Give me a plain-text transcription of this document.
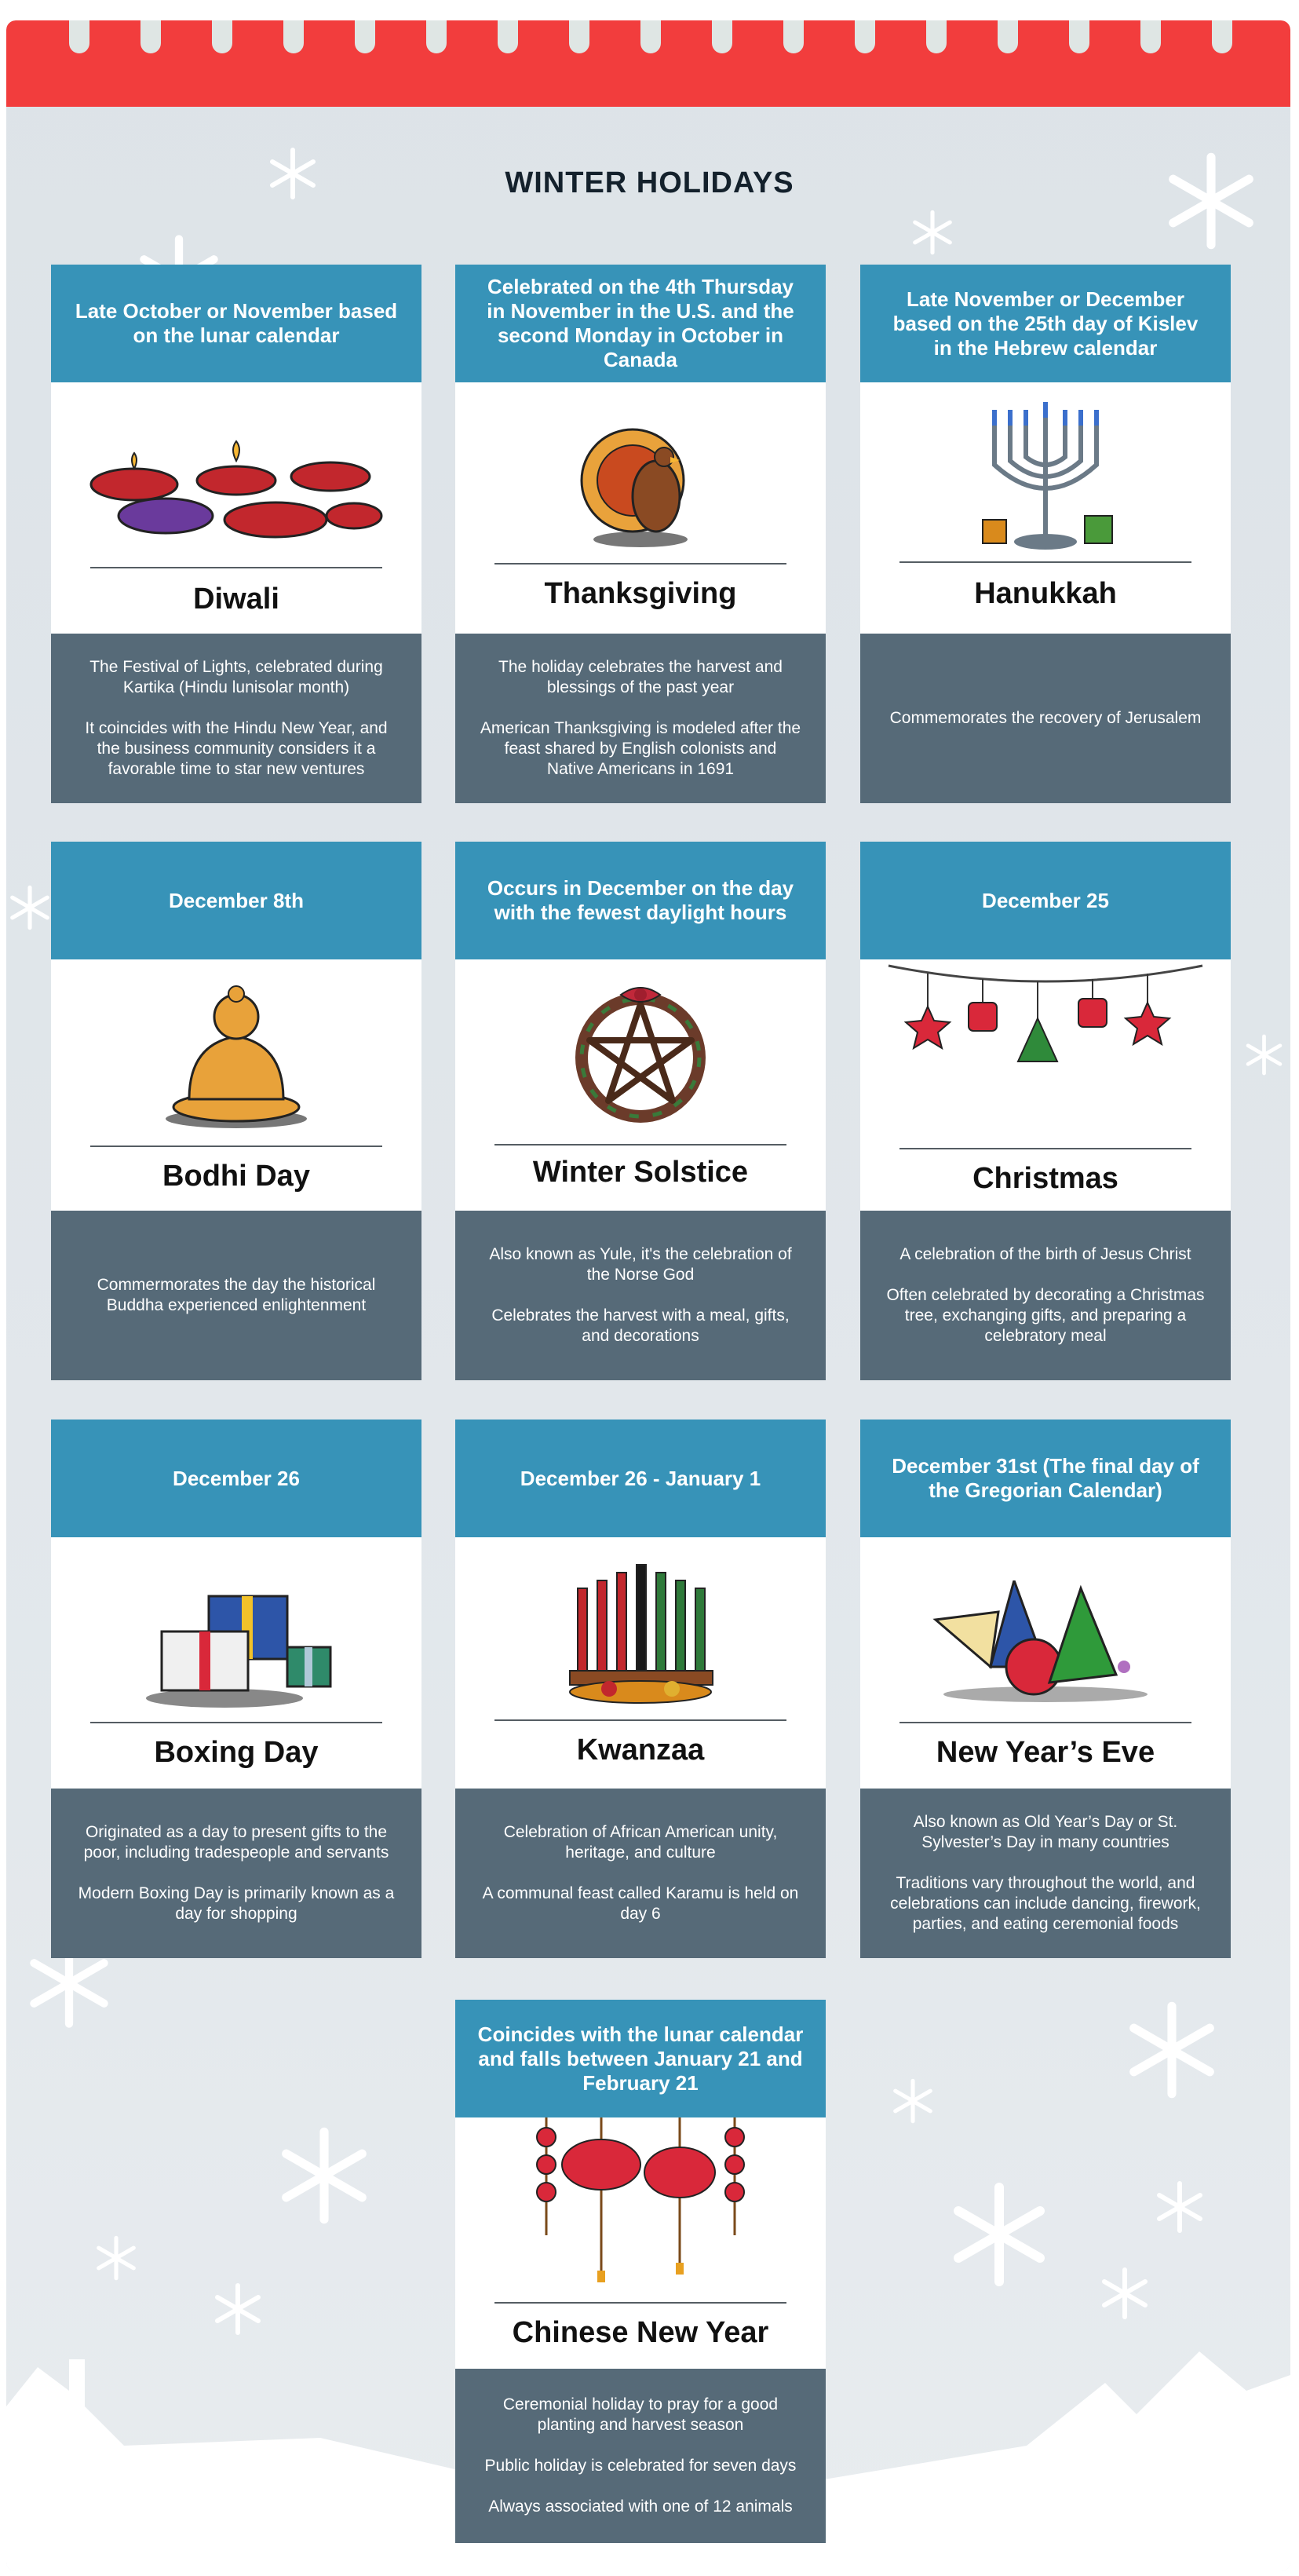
WINTER HOLIDAYS
Late October or November based on the lunar calendar
Diwali

The Festival of Lights, celebrated during Kartika (Hindu lunisolar month)

It coincides with the Hindu New Year, and the business community considers it a favorable time to star new ventures

Celebrated on the 4th Thursday in November in the U.S. and the second Monday in October in Canada
Thanksgiving

The holiday celebrates the harvest and blessings of the past year

American Thanksgiving is modeled after the feast shared by English colonists and Native Americans in 1691

Late November or December based on the 25th day of Kislev in the Hebrew calendar
Hanukkah

Commemorates the recovery of Jerusalem

December 8th
Bodhi Day

Commermorates the day the historical Buddha experienced enlightenment

Occurs in December on the day with the fewest daylight hours
Winter Solstice

Also known as Yule, it's the celebration of the Norse God

Celebrates the harvest with a meal, gifts, and decorations

December 25
Christmas

A celebration of the birth of Jesus Christ

Often celebrated by decorating a Christmas tree, exchanging gifts, and preparing a celebratory meal

December 26
Boxing Day

Originated as a day to present gifts to the poor, including tradespeople and servants

Modern Boxing Day is primarily known as a day for shopping

December 26 - January 1
Kwanzaa

Celebration of African American unity, heritage, and culture

A communal feast called Karamu is held on day 6

December 31st (The final day of the Gregorian Calendar)
New Year’s Eve

Also known as Old Year’s Day or St. Sylvester’s Day in many countries

Traditions vary throughout the world, and celebrations can include dancing, firework, parties, and eating ceremonial foods

Coincides with the lunar calendar and falls between January 21 and February 21
Chinese New Year

Ceremonial holiday to pray for a good planting and harvest season

Public holiday is celebrated for seven days

Always associated with one of 12 animals
